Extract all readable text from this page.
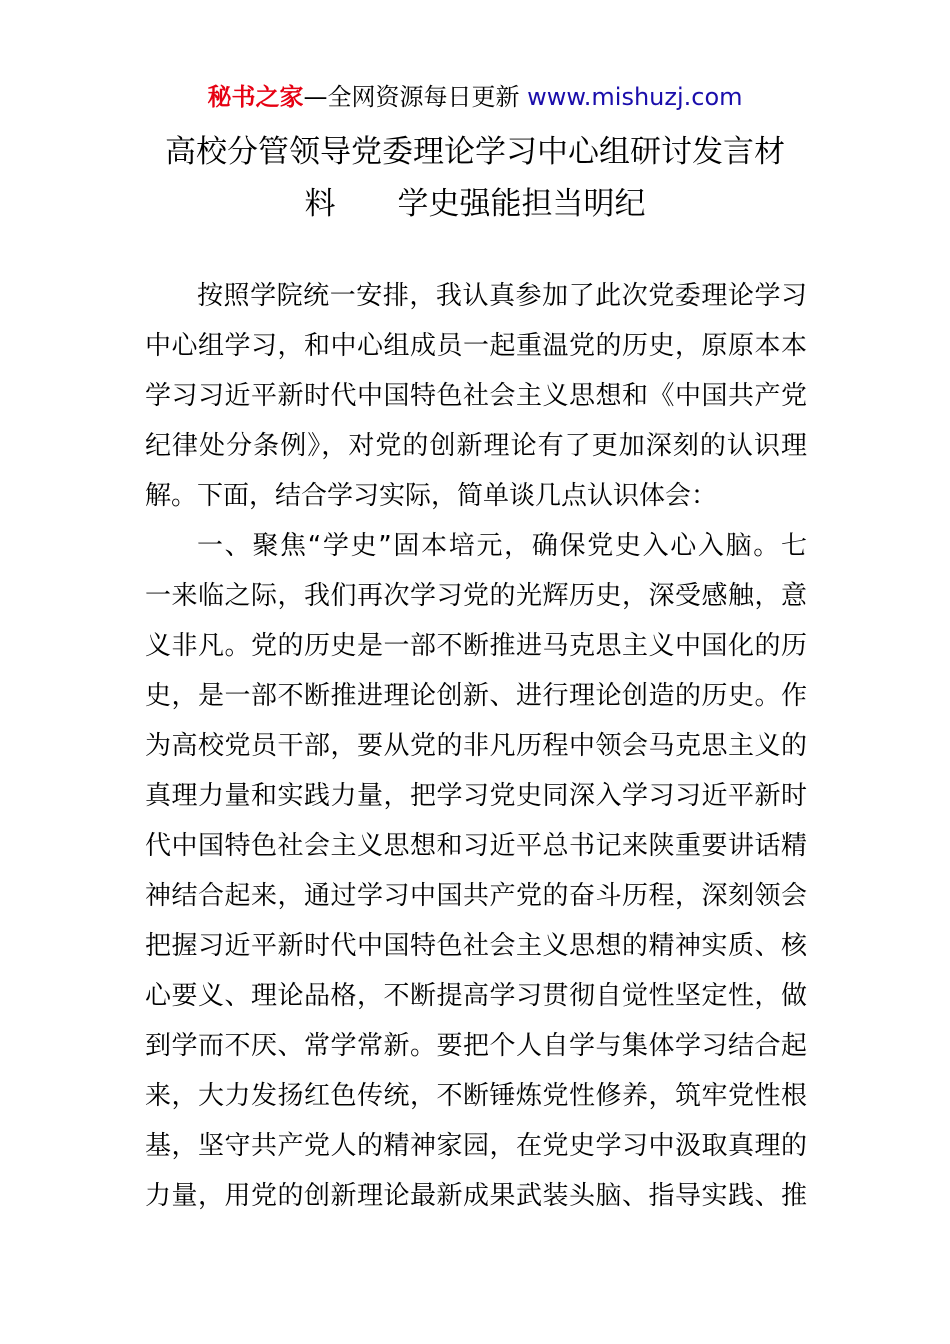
秘书之家—全网资源每日更新 www.mishuzj.com
高校分管领导党委理论学习中心组研讨发言材
料　　学史强能担当明纪
按照学院统一安排，我认真参加了此次党委理论学习
中心组学习，和中心组成员一起重温党的历史，原原本本
学习习近平新时代中国特色社会主义思想和《中国共产党
纪律处分条例》，对党的创新理论有了更加深刻的认识理
解。下面，结合学习实际，简单谈几点认识体会：
一、聚焦“学史”固本培元，确保党史入心入脑。七
一来临之际，我们再次学习党的光辉历史，深受感触，意
义非凡。党的历史是一部不断推进马克思主义中国化的历
史，是一部不断推进理论创新、进行理论创造的历史。作
为高校党员干部，要从党的非凡历程中领会马克思主义的
真理力量和实践力量，把学习党史同深入学习习近平新时
代中国特色社会主义思想和习近平总书记来陕重要讲话精
神结合起来，通过学习中国共产党的奋斗历程，深刻领会
把握习近平新时代中国特色社会主义思想的精神实质、核
心要义、理论品格，不断提高学习贯彻自觉性坚定性，做
到学而不厌、常学常新。要把个人自学与集体学习结合起
来，大力发扬红色传统，不断锤炼党性修养，筑牢党性根
基，坚守共产党人的精神家园，在党史学习中汲取真理的
力量，用党的创新理论最新成果武装头脑、指导实践、推
